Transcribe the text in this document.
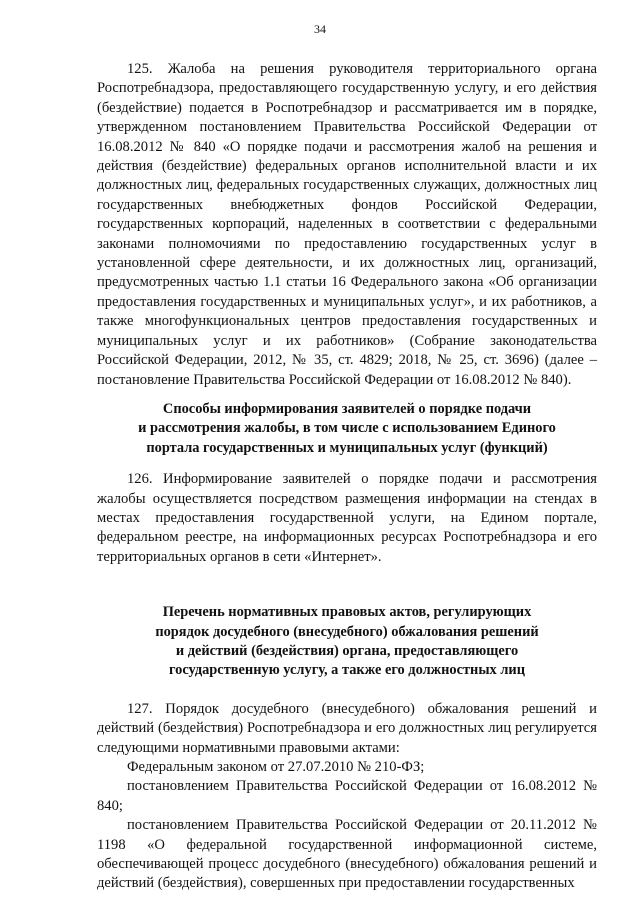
34

125. Жалоба на решения руководителя территориального органа Роспотребнадзора, предоставляющего государственную услугу, и его действия (бездействие) подается в Роспотребнадзор и рассматривается им в порядке, утвержденном постановлением Правительства Российской Федерации от 16.08.2012 № 840 «О порядке подачи и рассмотрения жалоб на решения и действия (бездействие) федеральных органов исполнительной власти и их должностных лиц, федеральных государственных служащих, должностных лиц государственных внебюджетных фондов Российской Федерации, государственных корпораций, наделенных в соответствии с федеральными законами полномочиями по предоставлению государственных услуг в установленной сфере деятельности, и их должностных лиц, организаций, предусмотренных частью 1.1 статьи 16 Федерального закона «Об организации предоставления государственных и муниципальных услуг», и их работников, а также многофункциональных центров предоставления государственных и муниципальных услуг и их работников» (Собрание законодательства Российской Федерации, 2012, № 35, ст. 4829; 2018, № 25, ст. 3696) (далее – постановление Правительства Российской Федерации от 16.08.2012 № 840).

Способы информирования заявителей о порядке подачи
и рассмотрения жалобы, в том числе с использованием Единого
портала государственных и муниципальных услуг (функций)

126. Информирование заявителей о порядке подачи и рассмотрения жалобы осуществляется посредством размещения информации на стендах в местах предоставления государственной услуги, на Едином портале, федеральном реестре, на информационных ресурсах Роспотребнадзора и его территориальных органов в сети «Интернет».

Перечень нормативных правовых актов, регулирующих
порядок досудебного (внесудебного) обжалования решений
и действий (бездействия) органа, предоставляющего
государственную услугу, а также его должностных лиц

127. Порядок досудебного (внесудебного) обжалования решений и действий (бездействия) Роспотребнадзора и его должностных лиц регулируется следующими нормативными правовыми актами:

Федеральным законом от 27.07.2010 № 210-ФЗ;

постановлением Правительства Российской Федерации от 16.08.2012 № 840;

постановлением Правительства Российской Федерации от 20.11.2012 № 1198 «О федеральной государственной информационной системе, обеспечивающей процесс досудебного (внесудебного) обжалования решений и действий (бездействия), совершенных при предоставлении государственных
